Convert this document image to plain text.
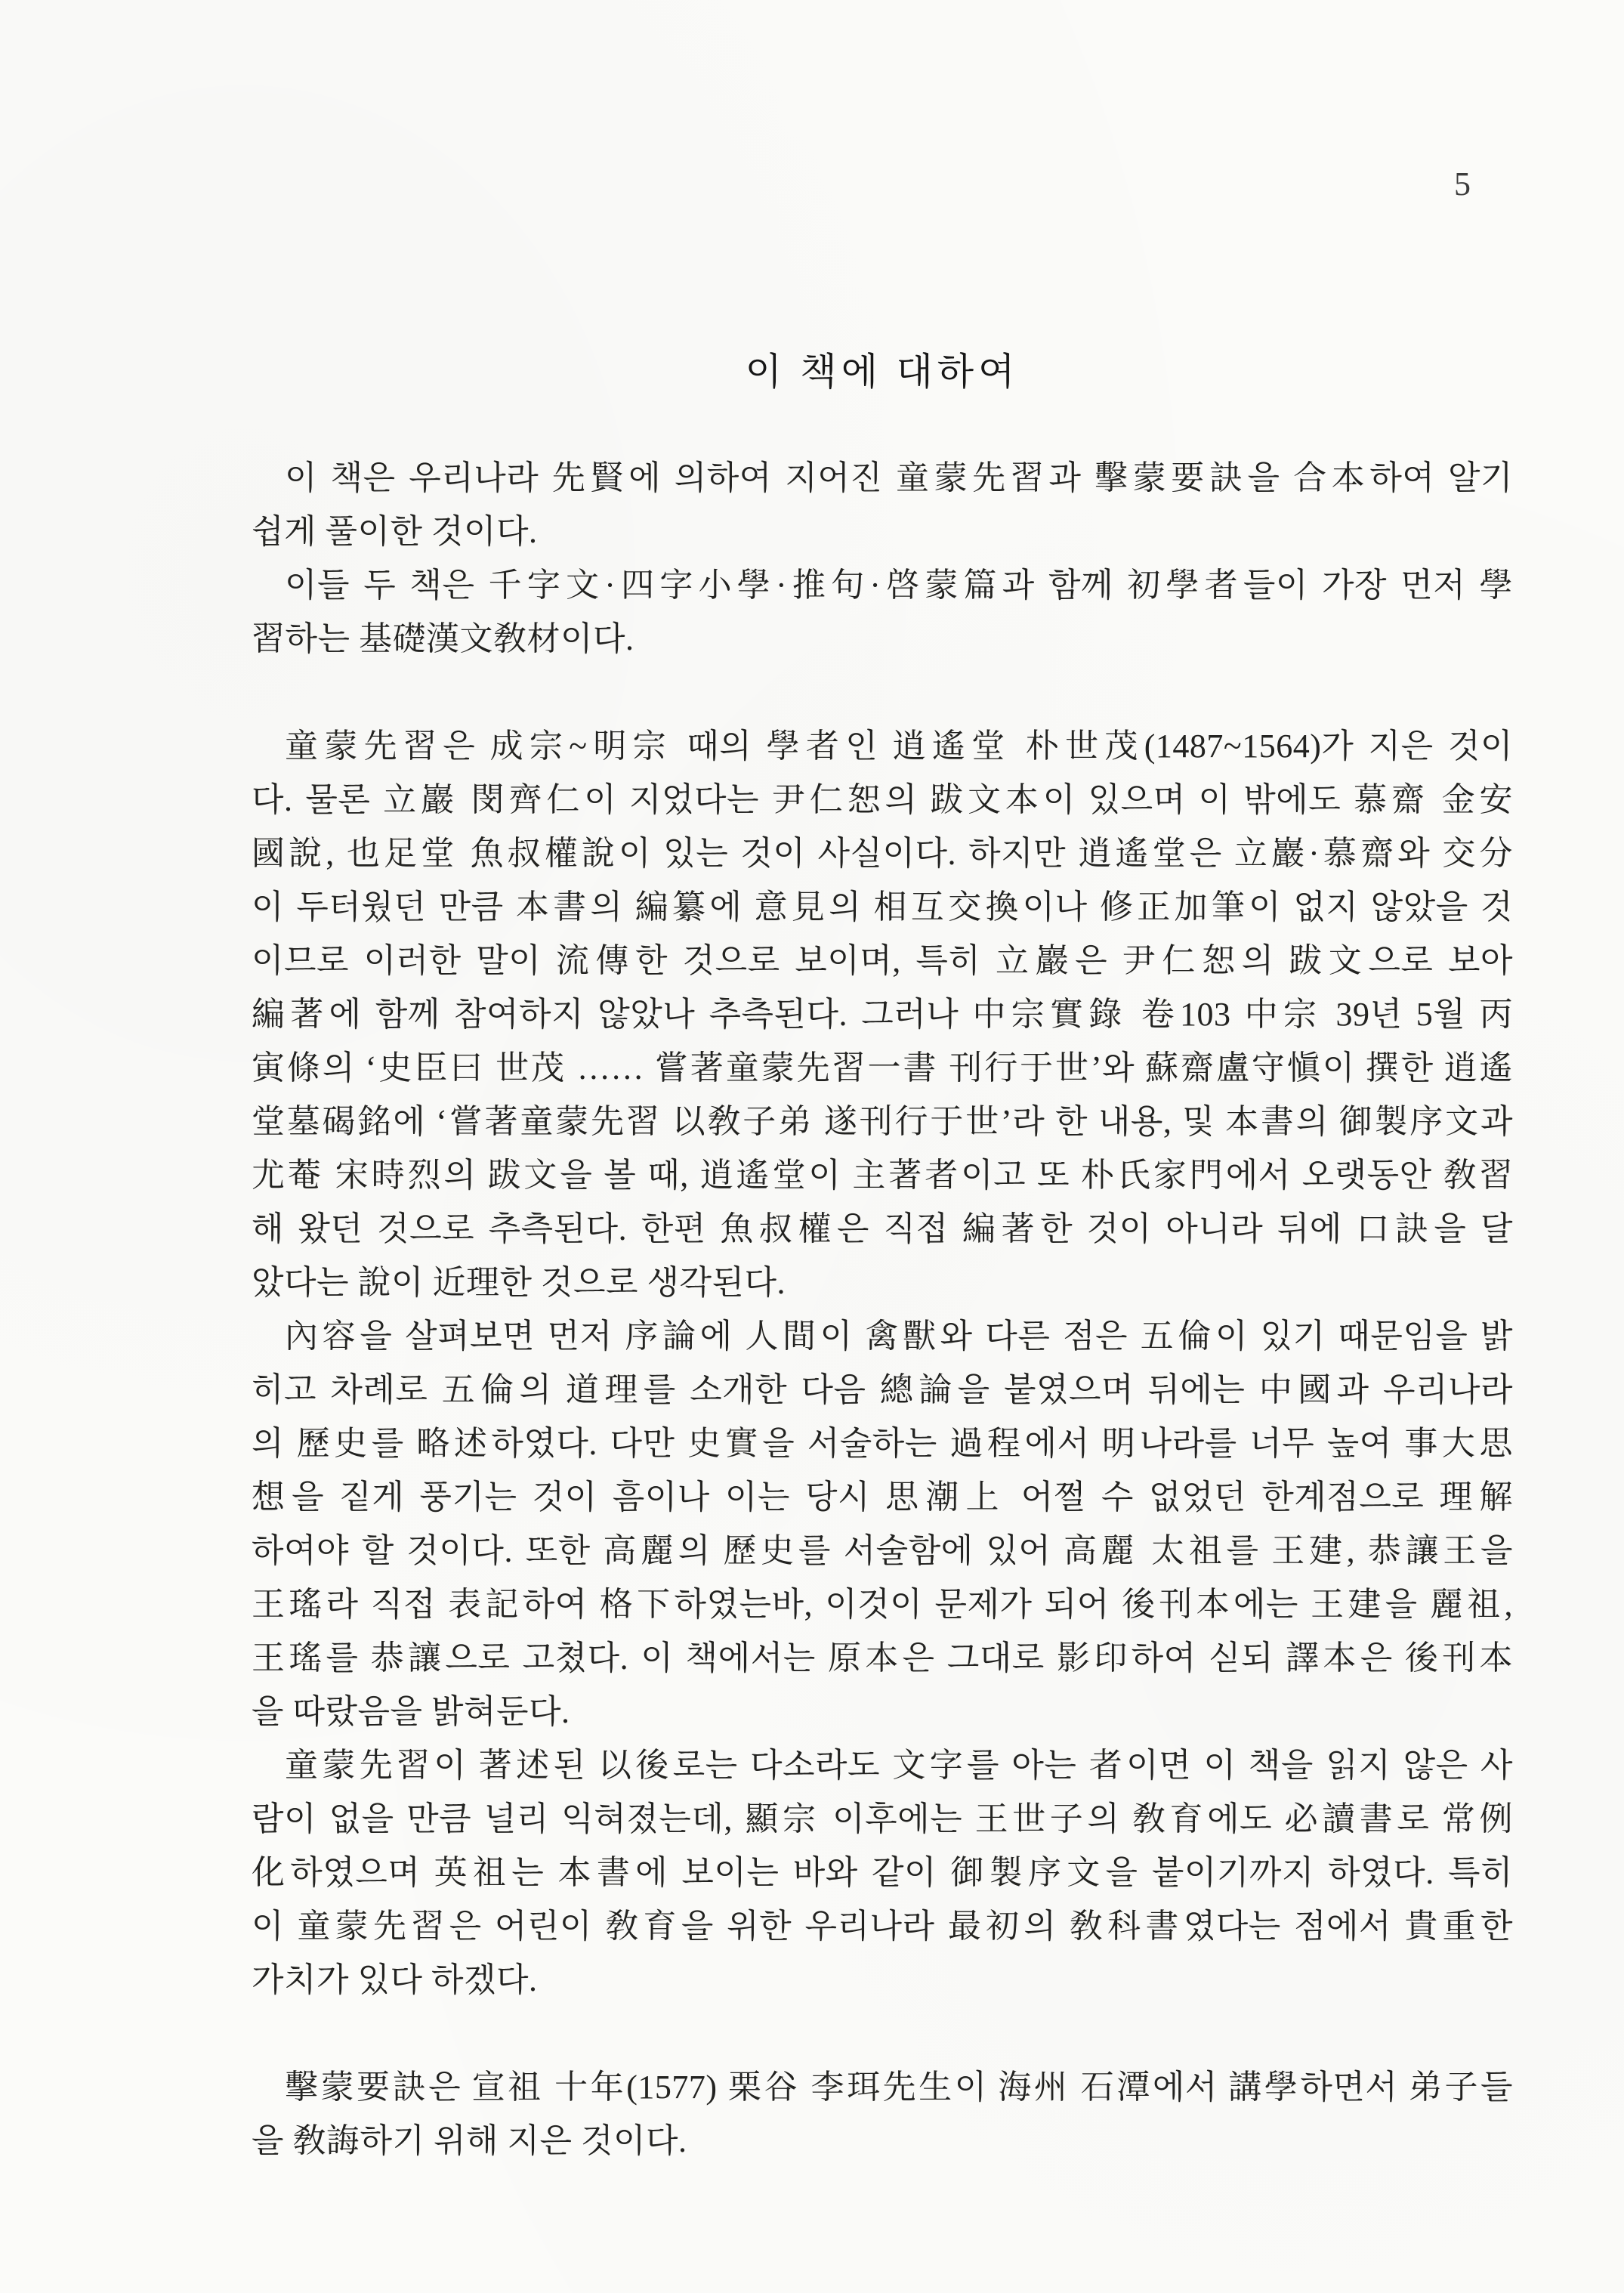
5
이 책에 대하여
이 책은 우리나라 先賢에 의하여 지어진 童蒙先習과 擊蒙要訣을 合本하여 알기
쉽게 풀이한 것이다.
이들 두 책은 千字文·四字小學·推句·啓蒙篇과 함께 初學者들이 가장 먼저 學
習하는 基礎漢文敎材이다.
童蒙先習은 成宗~明宗 때의 學者인 逍遙堂 朴世茂(1487~1564)가 지은 것이
다. 물론 立巖 閔齊仁이 지었다는 尹仁恕의 跋文本이 있으며 이 밖에도 慕齋 金安
國說, 也足堂 魚叔權說이 있는 것이 사실이다. 하지만 逍遙堂은 立巖·慕齋와 交分
이 두터웠던 만큼 本書의 編纂에 意見의 相互交換이나 修正加筆이 없지 않았을 것
이므로 이러한 말이 流傳한 것으로 보이며, 특히 立巖은 尹仁恕의 跋文으로 보아
編著에 함께 참여하지 않았나 추측된다. 그러나 中宗實錄 卷103 中宗 39년 5월 丙
寅條의 ‘史臣曰 世茂 …… 嘗著童蒙先習一書 刊行于世’와 蘇齋盧守愼이 撰한 逍遙
堂墓碣銘에 ‘嘗著童蒙先習 以敎子弟 遂刊行于世’라 한 내용, 및 本書의 御製序文과
尤菴 宋時烈의 跋文을 볼 때, 逍遙堂이 主著者이고 또 朴氏家門에서 오랫동안 敎習
해 왔던 것으로 추측된다. 한편 魚叔權은 직접 編著한 것이 아니라 뒤에 口訣을 달
았다는 說이 近理한 것으로 생각된다.
內容을 살펴보면 먼저 序論에 人間이 禽獸와 다른 점은 五倫이 있기 때문임을 밝
히고 차례로 五倫의 道理를 소개한 다음 總論을 붙였으며 뒤에는 中國과 우리나라
의 歷史를 略述하였다. 다만 史實을 서술하는 過程에서 明나라를 너무 높여 事大思
想을 짙게 풍기는 것이 흠이나 이는 당시 思潮上 어쩔 수 없었던 한계점으로 理解
하여야 할 것이다. 또한 高麗의 歷史를 서술함에 있어 高麗 太祖를 王建, 恭讓王을
王瑤라 직접 表記하여 格下하였는바, 이것이 문제가 되어 後刊本에는 王建을 麗祖,
王瑤를 恭讓으로 고쳤다. 이 책에서는 原本은 그대로 影印하여 싣되 譯本은 後刊本
을 따랐음을 밝혀둔다.
童蒙先習이 著述된 以後로는 다소라도 文字를 아는 者이면 이 책을 읽지 않은 사
람이 없을 만큼 널리 익혀졌는데, 顯宗 이후에는 王世子의 敎育에도 必讀書로 常例
化하였으며 英祖는 本書에 보이는 바와 같이 御製序文을 붙이기까지 하였다. 특히
이 童蒙先習은 어린이 敎育을 위한 우리나라 最初의 敎科書였다는 점에서 貴重한
가치가 있다 하겠다.
擊蒙要訣은 宣祖 十年(1577) 栗谷 李珥先生이 海州 石潭에서 講學하면서 弟子들
을 敎誨하기 위해 지은 것이다.
